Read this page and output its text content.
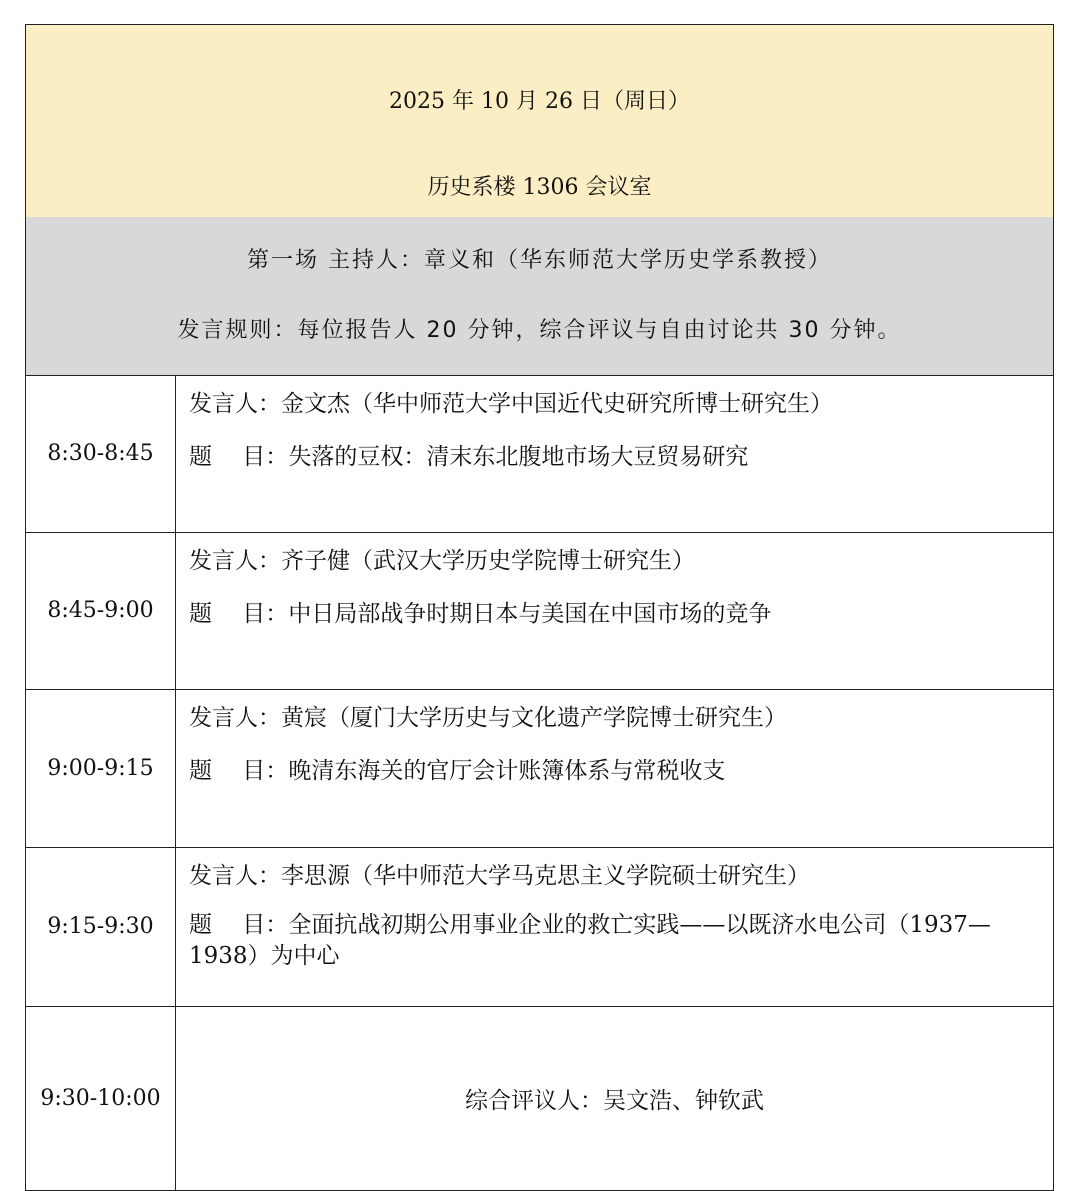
2025 年 10 月 26 日（周日）
历史系楼 1306 会议室
第一场 主持人：章义和（华东师范大学历史学系教授）
发言规则：每位报告人 20 分钟，综合评议与自由讨论共 30 分钟。
8:30-8:45
发言人： 金文杰（华中师范大学中国近代史研究所博士研究生）
题　 目： 失落的豆权：清末东北腹地市场大豆贸易研究
8:45-9:00
发言人： 齐子健（武汉大学历史学院博士研究生）
题　 目： 中日局部战争时期日本与美国在中国市场的竞争
9:00-9:15
发言人： 黄宸（厦门大学历史与文化遗产学院博士研究生）
题　 目： 晚清东海关的官厅会计账簿体系与常税收支
9:15-9:30
发言人： 李思源（华中师范大学马克思主义学院硕士研究生）
题　 目：全面抗战初期公用事业企业的救亡实践——以既济水电公司（1937—1938）为中心
9:30-10:00	综合评议人：吴文浩、钟钦武
